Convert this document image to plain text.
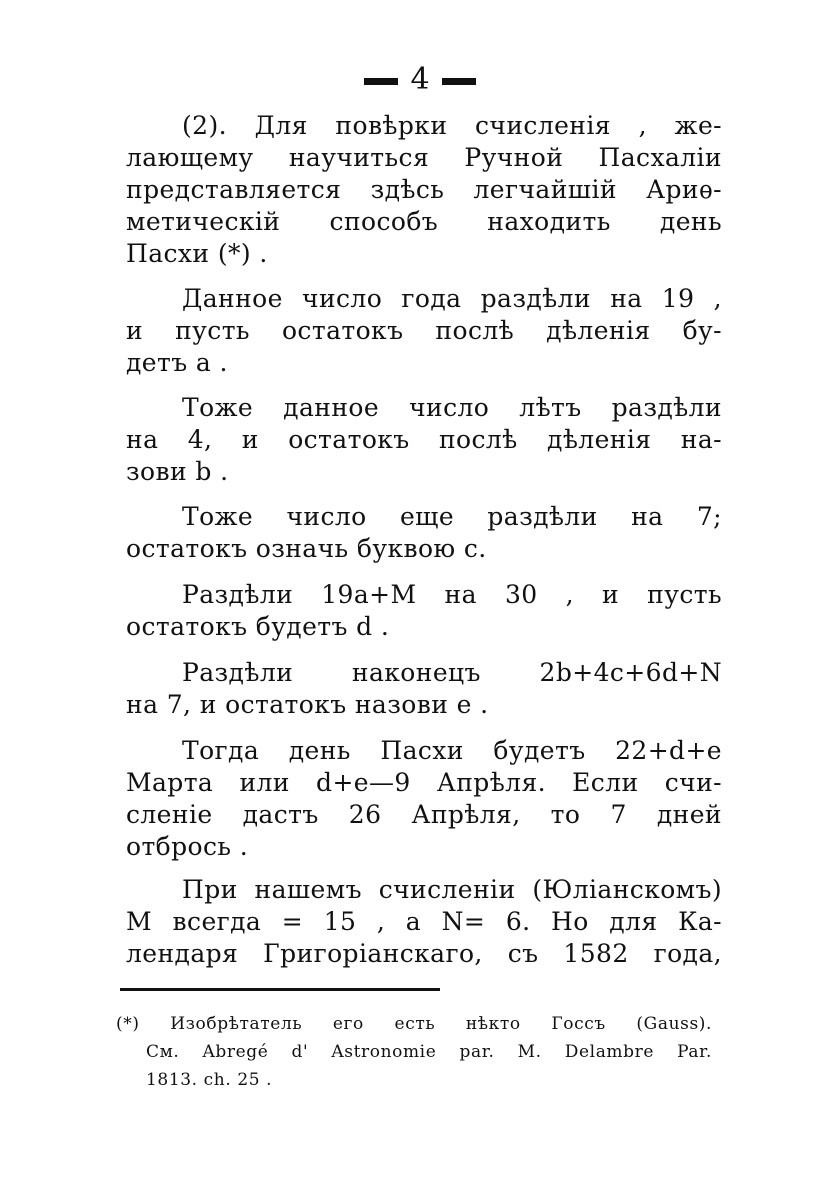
4

(2). Для повѣрки счисленія , же-
лающему научиться Ручной Пасхаліи
представляется здѣсь легчайшій Ариѳ-
метическій способъ находить день
Пасхи (*) .

Данное число года раздѣли на 19 ,
и пусть остатокъ послѣ дѣленія бу-
детъ a .

Тоже данное число лѣтъ раздѣли
на 4, и остатокъ послѣ дѣленія на-
зови b .

Тоже число еще раздѣли на 7;
остатокъ означь буквою c.

Раздѣли 19a+M на 30 , и пусть
остатокъ будетъ d .

Раздѣли наконецъ 2b+4c+6d+N
на 7, и остатокъ назови e .

Тогда день Пасхи будетъ 22+d+e
Марта или d+e—9 Апрѣля. Если счи-
сленіе дастъ 26 Апрѣля, то 7 дней
отбрось .

При нашемъ счисленіи (Юліанскомъ)
M всегда = 15 , a N= 6. Но для Ка-
лендаря Григоріанскаго, съ 1582 года,

(*) Изобрѣтатель его есть нѣкто Госсъ (Gauss).
См. Abregé d' Astronomie par. M. Delambre Par.
1813. ch. 25 .
